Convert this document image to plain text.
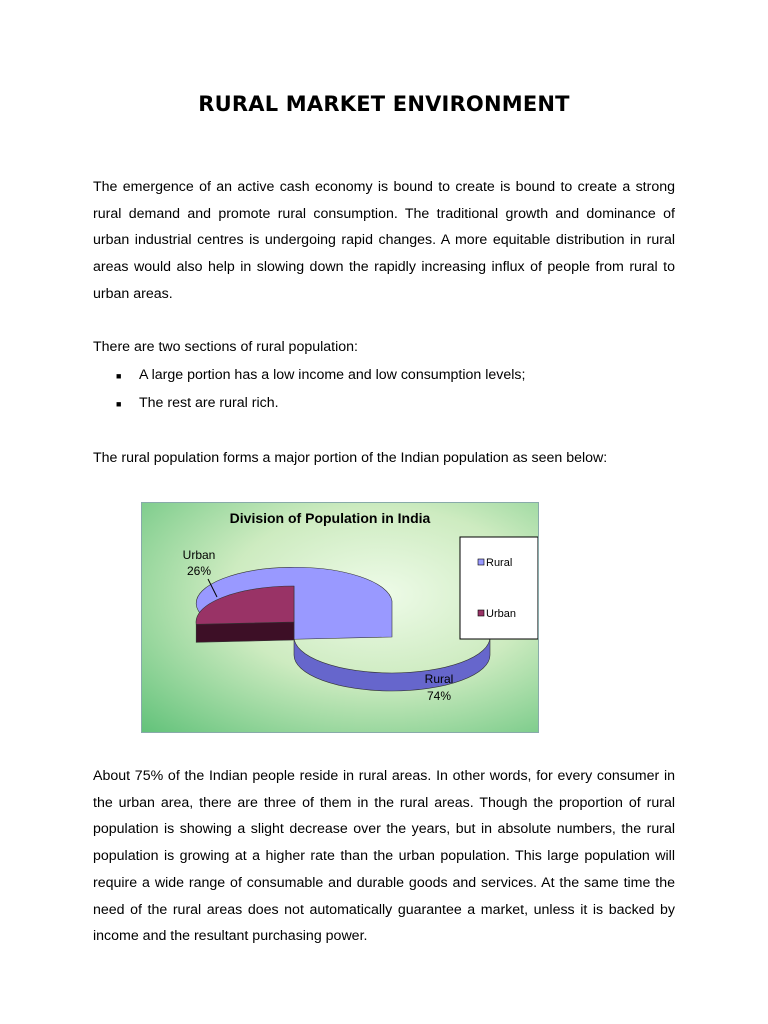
RURAL MARKET ENVIRONMENT

The emergence of an active cash economy is bound to create is bound to create a strong rural demand and promote rural consumption. The traditional growth and dominance of urban industrial centres is undergoing rapid changes. A more equitable distribution in rural areas would also help in slowing down the rapidly increasing influx of people from rural to urban areas.

There are two sections of rural population:

■ A large portion has a low income and low consumption levels;
■ The rest are rural rich.

The rural population forms a major portion of the Indian population as seen below:

Division of Population in India
Urban
26%
Rural
74%
Rural
Urban

About 75% of the Indian people reside in rural areas. In other words, for every consumer in the urban area, there are three of them in the rural areas. Though the proportion of rural population is showing a slight decrease over the years, but in absolute numbers, the rural population is growing at a higher rate than the urban population. This large population will require a wide range of consumable and durable goods and services. At the same time the need of the rural areas does not automatically guarantee a market, unless it is backed by income and the resultant purchasing power.
